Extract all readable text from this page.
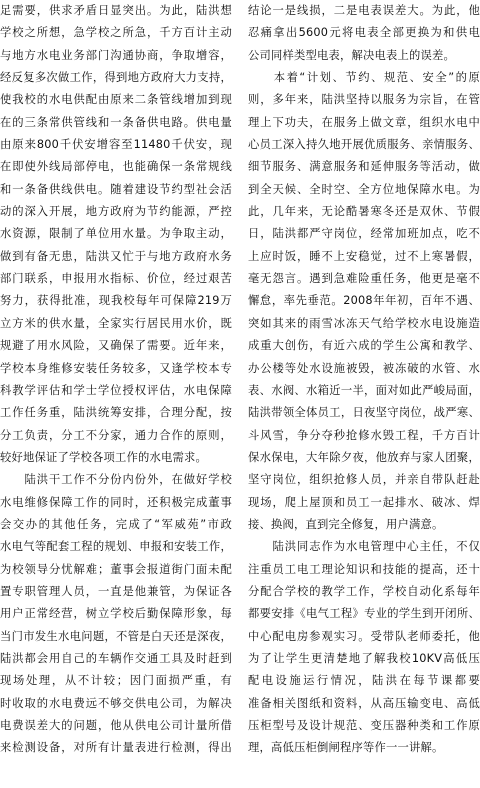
足需要，供求矛盾日显突出。为此，陆洪想
学校之所想，急学校之所急，千方百计主动
与地方水电业务部门沟通协商，争取增容，
经反复多次做工作，得到地方政府大力支持，
使我校的水电供配由原来二条管线增加到现
在的三条常供管线和一条备供电路。供电量
由原来800千伏安增容至11480千伏安，现
在即使外线局部停电，也能确保一条常规线
和一条备供线供电。随着建设节约型社会活
动的深入开展，地方政府为节约能源，严控
水资源，限制了单位用水量。为争取主动，
做到有备无患，陆洪又忙于与地方政府水务
部门联系，申报用水指标、价位，经过艰苦
努力，获得批准，现我校每年可保障219万
立方米的供水量，全家实行居民用水价，既
规避了用水风险，又确保了需要。近年来，
学校本身维修安装任务较多，又逢学校本专
科教学评估和学士学位授权评估，水电保障
工作任务重，陆洪统筹安排，合理分配，按
分工负责，分工不分家，通力合作的原则，
较好地保证了学校各项工作的水电需求。
　　陆洪干工作不分份内份外，在做好学校
水电维修保障工作的同时，还积极完成董事
会交办的其他任务，完成了“军威苑”市政
水电气等配套工程的规划、申报和安装工作，
为校领导分忧解难；董事会报道街门面未配
置专职管理人员，一直是他兼管，为保证各
用户正常经营，树立学校后勤保障形象，每
当门市发生水电问题，不管是白天还是深夜，
陆洪都会用自己的车辆作交通工具及时赶到
现场处理，从不计较；因门面损严重，有
时收取的水电费远不够交供电公司，为解决
电费误差大的问题，他从供电公司计量所借
来检测设备，对所有计量表进行检测，得出
结论一是线损，二是电表误差大。为此，他
忍痛拿出5600元将电表全部更换为和供电
公司同样类型电表，解决电表上的误差。
　　本着“计划、节约、规范、安全”的原
则，多年来，陆洪坚持以服务为宗旨，在管
理上下功夫，在服务上做文章，组织水电中
心员工深入持久地开展优质服务、亲情服务、
细节服务、满意服务和延伸服务等活动，做
到全天候、全时空、全方位地保障水电。为
此，几年来，无论酷暑寒冬还是双休、节假
日，陆洪都严守岗位，经常加班加点，吃不
上应时饭，睡不上安稳觉，过不上寒暑假，
毫无怨言。遇到急难险重任务，他更是毫不
懈怠，率先垂范。2008年年初，百年不遇、
突如其来的雨雪冰冻天气给学校水电设施造
成重大创伤，有近六成的学生公寓和教学、
办公楼等处水设施被毁，被冻破的水管、水
表、水阀、水箱近一半，面对如此严峻局面，
陆洪带领全体员工，日夜坚守岗位，战严寒、
斗风雪，争分夺秒抢修水毁工程，千方百计
保水保电，大年除夕夜，他放弃与家人团聚，
坚守岗位，组织抢修人员，并亲自带队赶赴
现场，爬上屋顶和员工一起排水、破冰、焊
接、换阀，直到完全修复，用户满意。
　　陆洪同志作为水电管理中心主任，不仅
注重员工电工理论知识和技能的提高，还十
分配合学校的教学工作，学校自动化系每年
都要安排《电气工程》专业的学生到开闭所、
中心配电房参观实习。受带队老师委托，他
为了让学生更清楚地了解我校10KV高低压
配电设施运行情况，陆洪在每节课都要
准备相关图纸和资料，从高压输变电、高低
压柜型号及设计规范、变压器种类和工作原
理，高低压柜倒闸程序等作一一讲解。
